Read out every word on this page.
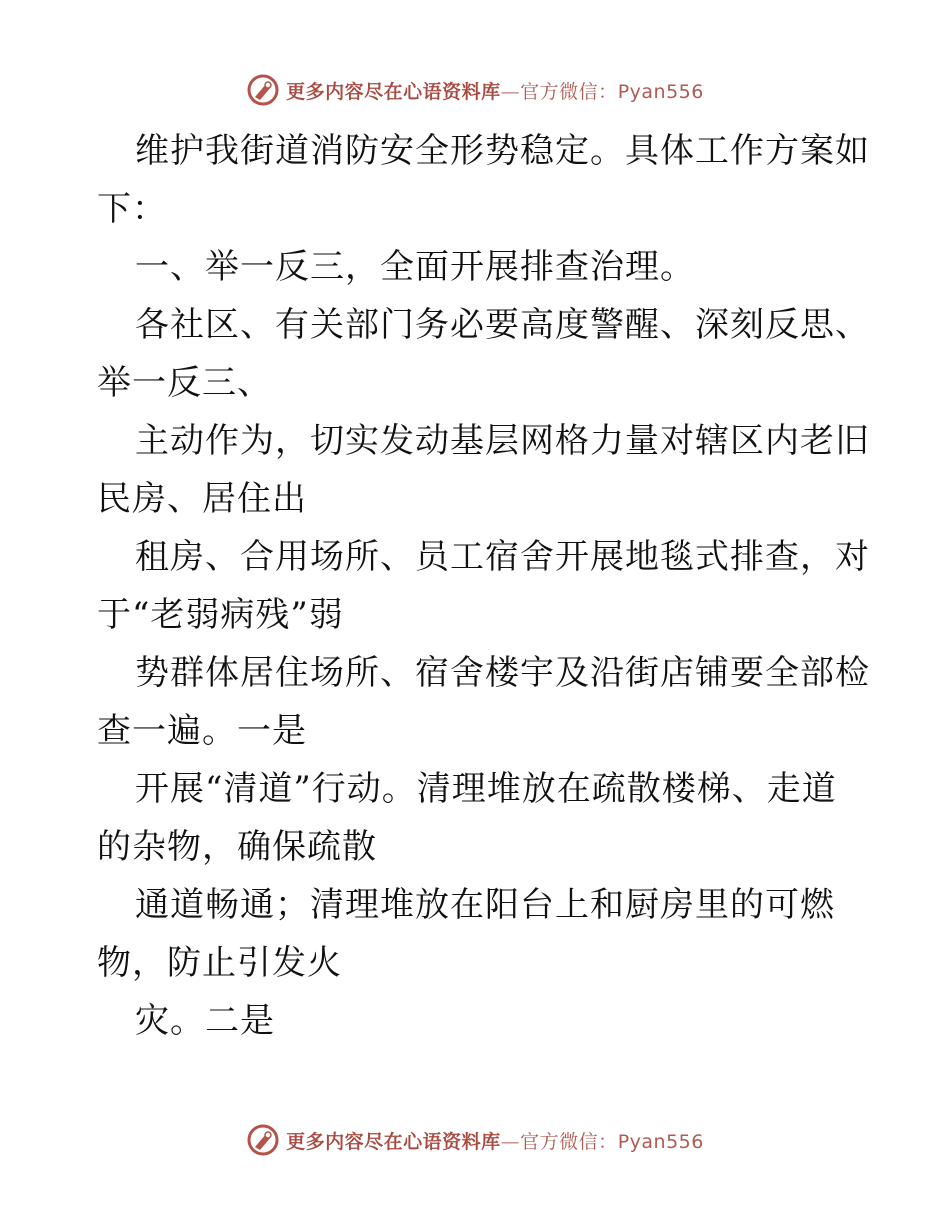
更多内容尽在心语资料库—官方微信：Pyan556
维护我街道消防安全形势稳定。具体工作方案如
下：
一、举一反三，全面开展排查治理。
各社区、有关部门务必要高度警醒、深刻反思、
举一反三、
主动作为，切实发动基层网格力量对辖区内老旧
民房、居住出
租房、合用场所、员工宿舍开展地毯式排查，对
于“老弱病残”弱
势群体居住场所、宿舍楼宇及沿街店铺要全部检
查一遍。一是
开展“清道”行动。清理堆放在疏散楼梯、走道
的杂物，确保疏散
通道畅通；清理堆放在阳台上和厨房里的可燃
物，防止引发火
灾。二是
更多内容尽在心语资料库—官方微信：Pyan556
